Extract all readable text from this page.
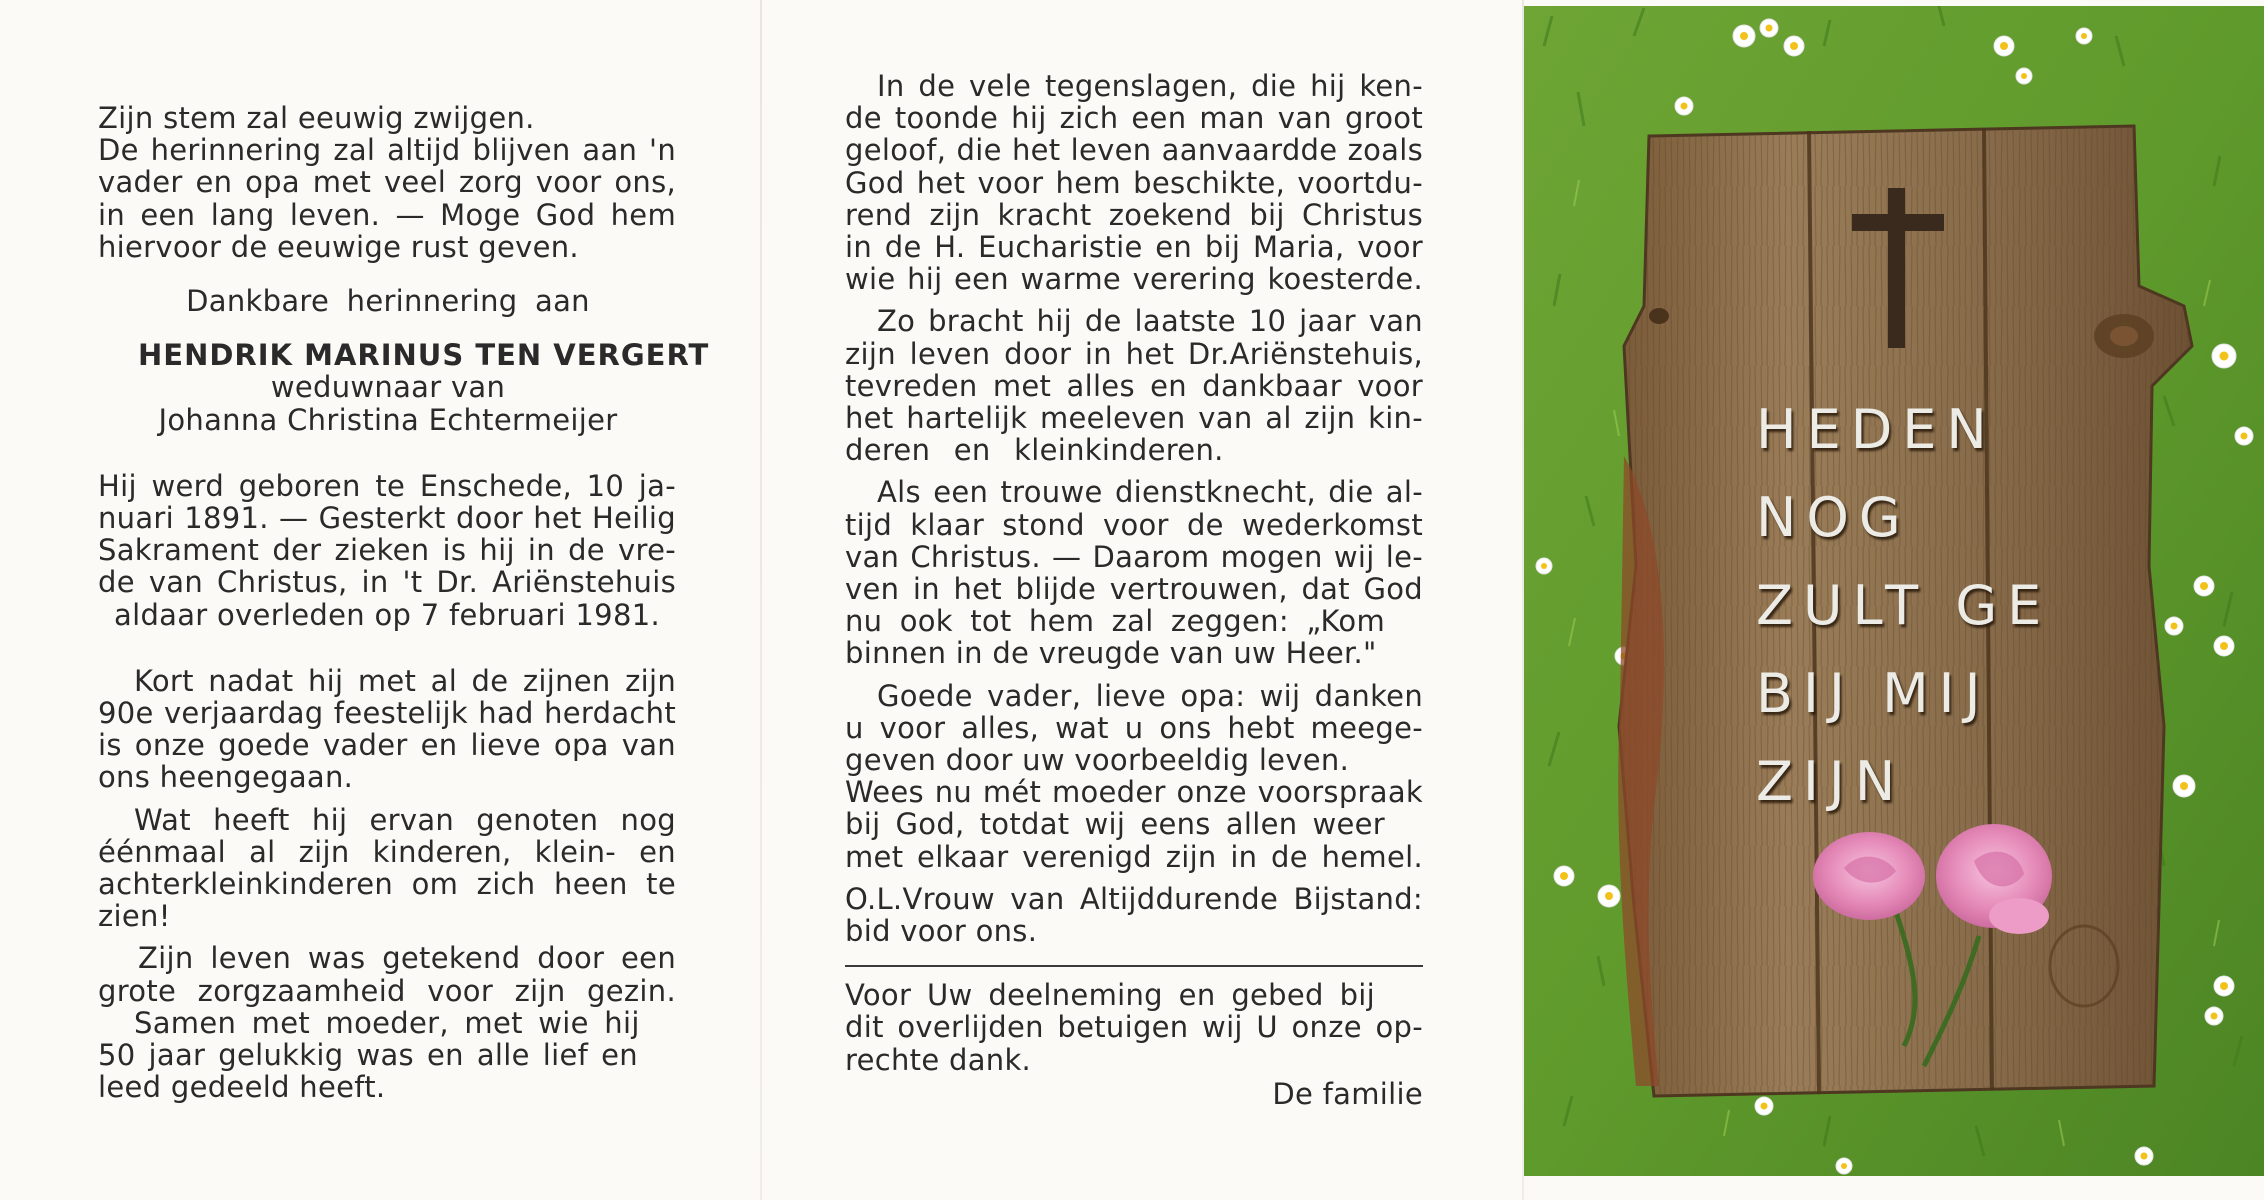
Zijn stem zal eeuwig zwijgen.
De herinnering zal altijd blijven aan 'n
vader en opa met veel zorg voor ons,
in een lang leven. — Moge God hem
hiervoor de eeuwige rust geven.

Dankbare herinnering aan
HENDRIK MARINUS TEN VERGERT
weduwnaar van
Johanna Christina Echtermeijer

Hij werd geboren te Enschede, 10 ja-
nuari 1891. — Gesterkt door het Heilig
Sakrament der zieken is hij in de vre-
de van Christus, in 't Dr. Ariënstehuis
aldaar overleden op 7 februari 1981.

Kort nadat hij met al de zijnen zijn
90e verjaardag feestelijk had herdacht
is onze goede vader en lieve opa van
ons heengegaan.

Wat heeft hij ervan genoten nog
éénmaal al zijn kinderen, klein- en
achterkleinkinderen om zich heen te
zien!

Zijn leven was getekend door een
grote zorgzaamheid voor zijn gezin.
Samen met moeder, met wie hij
50 jaar gelukkig was en alle lief en
leed gedeeld heeft.

In de vele tegenslagen, die hij ken-
de toonde hij zich een man van groot
geloof, die het leven aanvaardde zoals
God het voor hem beschikte, voortdu-
rend zijn kracht zoekend bij Christus
in de H. Eucharistie en bij Maria, voor
wie hij een warme verering koesterde.

Zo bracht hij de laatste 10 jaar van
zijn leven door in het Dr.Ariënstehuis,
tevreden met alles en dankbaar voor
het hartelijk meeleven van al zijn kin-
deren en kleinkinderen.

Als een trouwe dienstknecht, die al-
tijd klaar stond voor de wederkomst
van Christus. — Daarom mogen wij le-
ven in het blijde vertrouwen, dat God
nu ook tot hem zal zeggen: „Kom
binnen in de vreugde van uw Heer."

Goede vader, lieve opa: wij danken
u voor alles, wat u ons hebt meege-
geven door uw voorbeeldig leven.
Wees nu mét moeder onze voorspraak
bij God, totdat wij eens allen weer
met elkaar verenigd zijn in de hemel.

O.L.Vrouw van Altijddurende Bijstand:
bid voor ons.

Voor Uw deelneming en gebed bij
dit overlijden betuigen wij U onze op-
rechte dank.

De familie

HEDEN
NOG
ZULT GE
BIJ MIJ
ZIJN
